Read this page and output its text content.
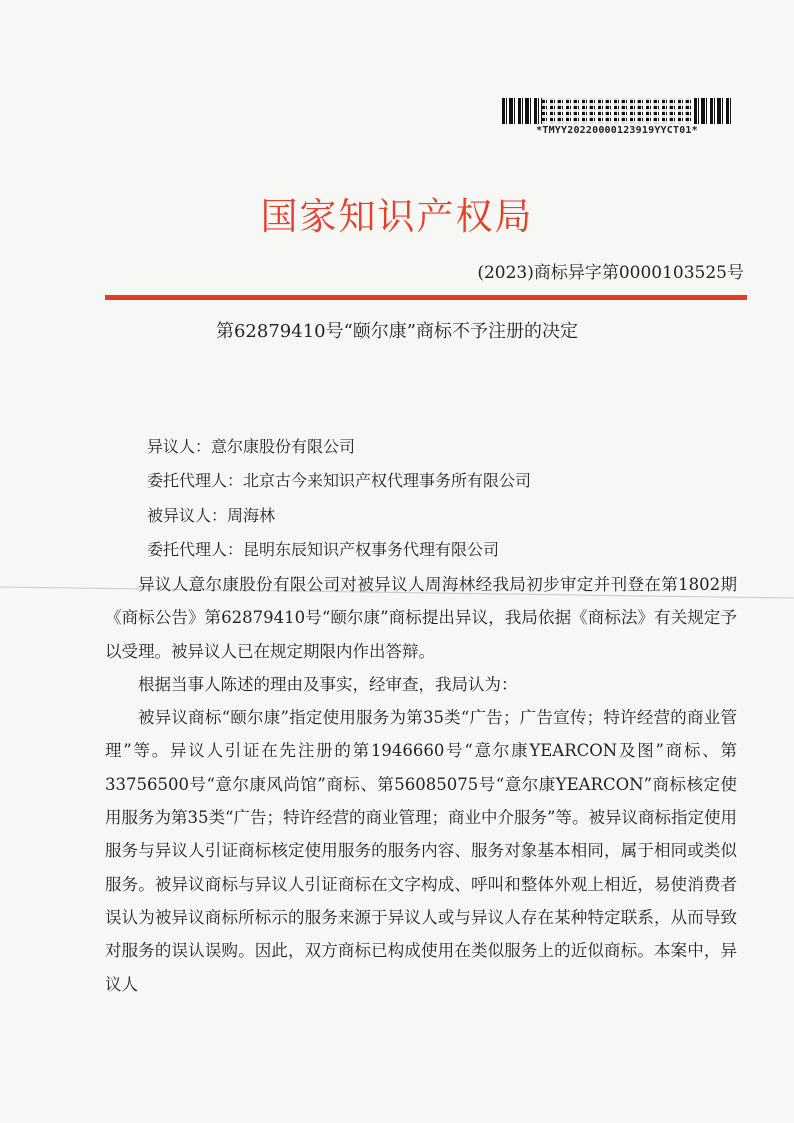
*TMYY20220000123919YYCT01*
国家知识产权局
(2023)商标异字第0000103525号
第62879410号“颐尔康”商标不予注册的决定
异议人：意尔康股份有限公司
委托代理人：北京古今来知识产权代理事务所有限公司
被异议人：周海林
委托代理人：昆明东辰知识产权事务代理有限公司

异议人意尔康股份有限公司对被异议人周海林经我局初步审定并刊登在第1802期《商标公告》第62879410号“颐尔康”商标提出异议，我局依据《商标法》有关规定予以受理。被异议人已在规定期限内作出答辩。

根据当事人陈述的理由及事实，经审查，我局认为：

被异议商标“颐尔康”指定使用服务为第35类“广告；广告宣传；特许经营的商业管理”等。异议人引证在先注册的第1946660号“意尔康YEARCON及图”商标、第33756500号“意尔康风尚馆”商标、第56085075号“意尔康YEARCON”商标核定使用服务为第35类“广告；特许经营的商业管理；商业中介服务”等。被异议商标指定使用服务与异议人引证商标核定使用服务的服务内容、服务对象基本相同，属于相同或类似服务。被异议商标与异议人引证商标在文字构成、呼叫和整体外观上相近，易使消费者误认为被异议商标所标示的服务来源于异议人或与异议人存在某种特定联系，从而导致对服务的误认误购。因此，双方商标已构成使用在类似服务上的近似商标。本案中，异议人
